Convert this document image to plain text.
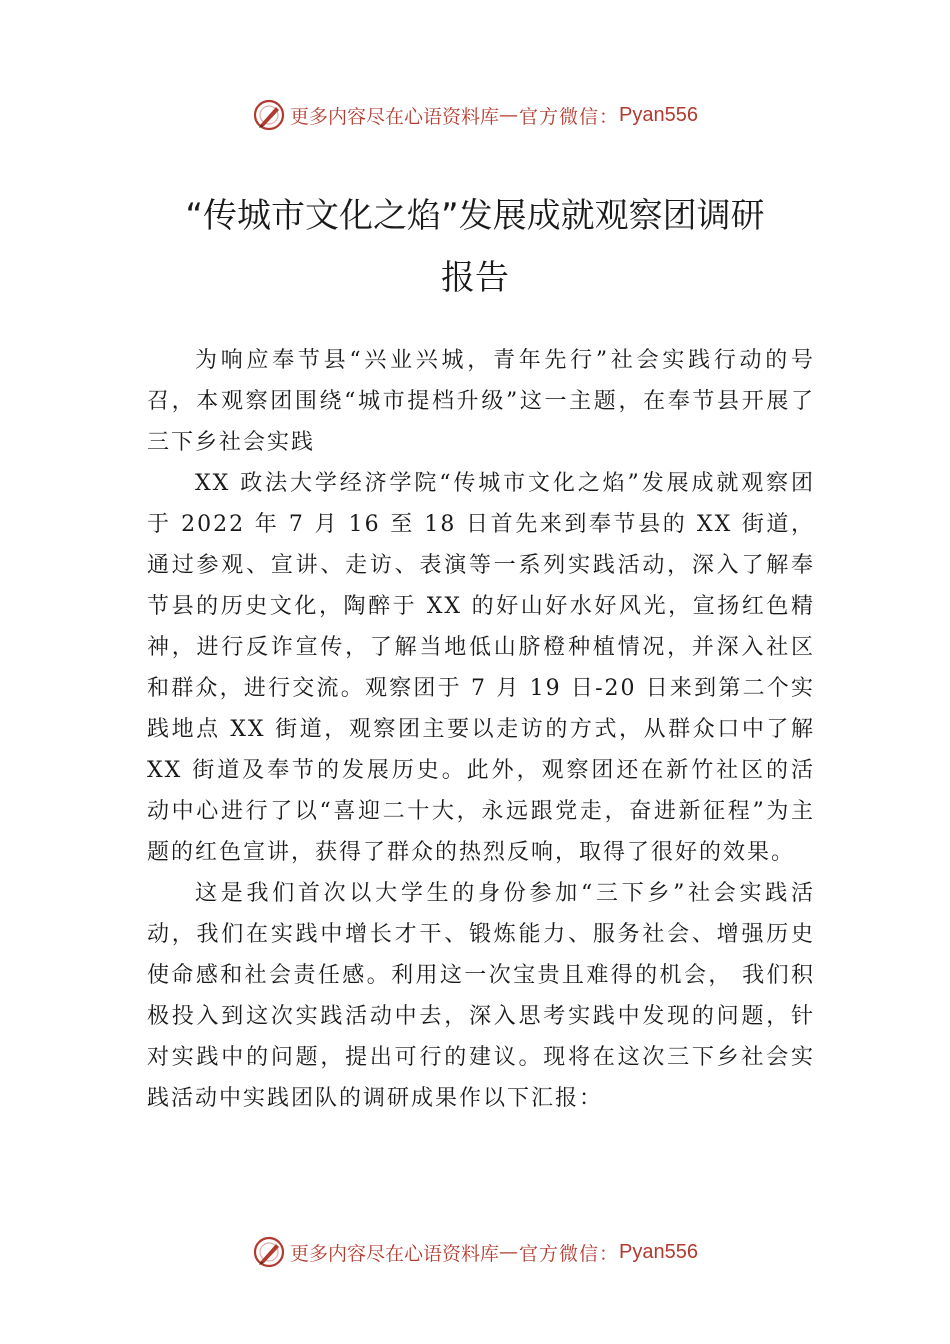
更多内容尽在心语资料库 — 官方微信： Pyan556
“传城市文化之焰”发展成就观察团调研
报告

为响应奉节县“兴业兴城，青年先行”社会实践行动的号召，本观察团围绕“城市提档升级”这一主题，在奉节县开展了三下乡社会实践

XX 政法大学经济学院“传城市文化之焰”发展成就观察团于 2022 年 7 月 16 至 18 日首先来到奉节县的 XX 街道， 通过参观、宣讲、走访、表演等一系列实践活动，深入了解奉节县的历史文化，陶醉于 XX 的好山好水好风光，宣扬红色精神，进行反诈宣传，了解当地低山脐橙种植情况，并深入社区和群众，进行交流。观察团于 7 月 19 日-20 日来到第二个实践地点 XX 街道，观察团主要以走访的方式，从群众口中了解 XX 街道及奉节的发展历史。此外，观察团还在新竹社区的活动中心进行了以“喜迎二十大，永远跟党走，奋进新征程”为主题的红色宣讲，获得了群众的热烈反响，取得了很好的效果。

这是我们首次以大学生的身份参加“三下乡”社会实践活动，我们在实践中增长才干、锻炼能力、服务社会、增强历史使命感和社会责任感。利用这一次宝贵且难得的机会， 我们积极投入到这次实践活动中去，深入思考实践中发现的问题，针对实践中的问题，提出可行的建议。现将在这次三下乡社会实践活动中实践团队的调研成果作以下汇报：

更多内容尽在心语资料库 — 官方微信： Pyan556
